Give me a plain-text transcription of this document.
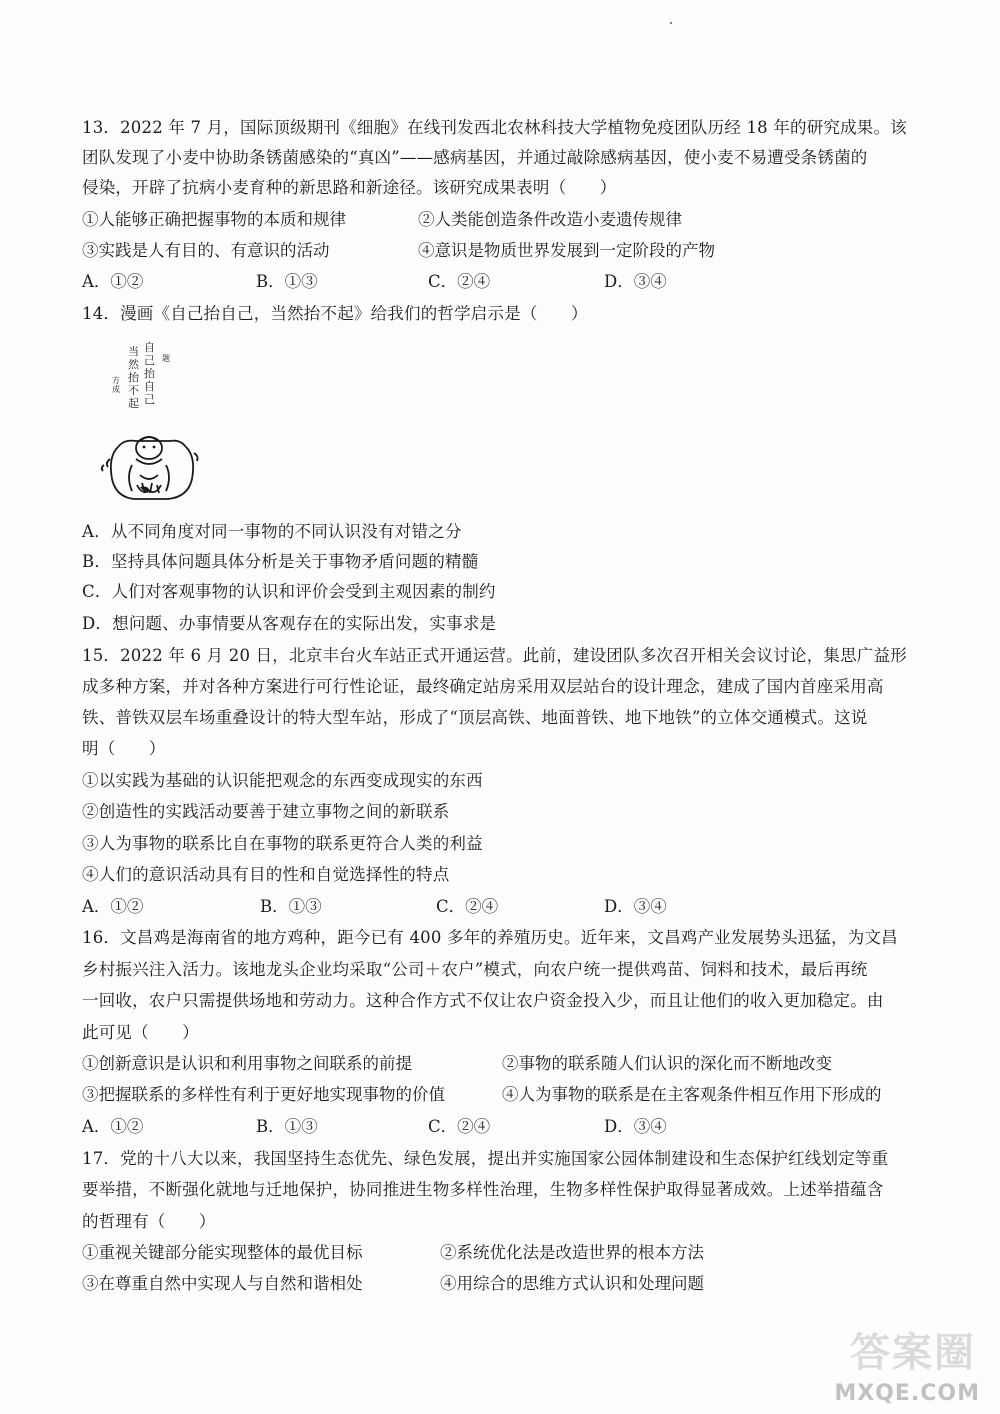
13．2022 年 7 月，国际顶级期刊《细胞》在线刊发西北农林科技大学植物免疫团队历经 18 年的研究成果。该
团队发现了小麦中协助条锈菌感染的“真凶”——感病基因，并通过敲除感病基因，使小麦不易遭受条锈菌的
侵染，开辟了抗病小麦育种的新思路和新途径。该研究成果表明（　　）
①人能够正确把握事物的本质和规律	②人类能创造条件改造小麦遗传规律
③实践是人有目的、有意识的活动	④意识是物质世界发展到一定阶段的产物
A．①②	B．①③	C．②④	D．③④
14．漫画《自己抬自己，当然抬不起》给我们的哲学启示是（　　）
自
己
抬
自
己
当
然
抬
不
起
题
方
成
A．从不同角度对同一事物的不同认识没有对错之分
B．坚持具体问题具体分析是关于事物矛盾问题的精髓
C．人们对客观事物的认识和评价会受到主观因素的制约
D．想问题、办事情要从客观存在的实际出发，实事求是
15．2022 年 6 月 20 日，北京丰台火车站正式开通运营。此前，建设团队多次召开相关会议讨论，集思广益形
成多种方案，并对各种方案进行可行性论证，最终确定站房采用双层站台的设计理念，建成了国内首座采用高
铁、普铁双层车场重叠设计的特大型车站，形成了“顶层高铁、地面普铁、地下地铁”的立体交通模式。这说
明（　　）
①以实践为基础的认识能把观念的东西变成现实的东西
②创造性的实践活动要善于建立事物之间的新联系
③人为事物的联系比自在事物的联系更符合人类的利益
④人们的意识活动具有目的性和自觉选择性的特点
A．①②	B．①③	C．②④	D．③④
16．文昌鸡是海南省的地方鸡种，距今已有 400 多年的养殖历史。近年来，文昌鸡产业发展势头迅猛，为文昌
乡村振兴注入活力。该地龙头企业均采取“公司＋农户”模式，向农户统一提供鸡苗、饲料和技术，最后再统
一回收，农户只需提供场地和劳动力。这种合作方式不仅让农户资金投入少，而且让他们的收入更加稳定。由
此可见（　　）
①创新意识是认识和利用事物之间联系的前提	②事物的联系随人们认识的深化而不断地改变
③把握联系的多样性有利于更好地实现事物的价值	④人为事物的联系是在主客观条件相互作用下形成的
A．①②	B．①③	C．②④	D．③④
17．党的十八大以来，我国坚持生态优先、绿色发展，提出并实施国家公园体制建设和生态保护红线划定等重
要举措，不断强化就地与迁地保护，协同推进生物多样性治理，生物多样性保护取得显著成效。上述举措蕴含
的哲理有（　　）
①重视关键部分能实现整体的最优目标	②系统优化法是改造世界的根本方法
③在尊重自然中实现人与自然和谐相处	④用综合的思维方式认识和处理问题
答案圈
MXQE.COM
